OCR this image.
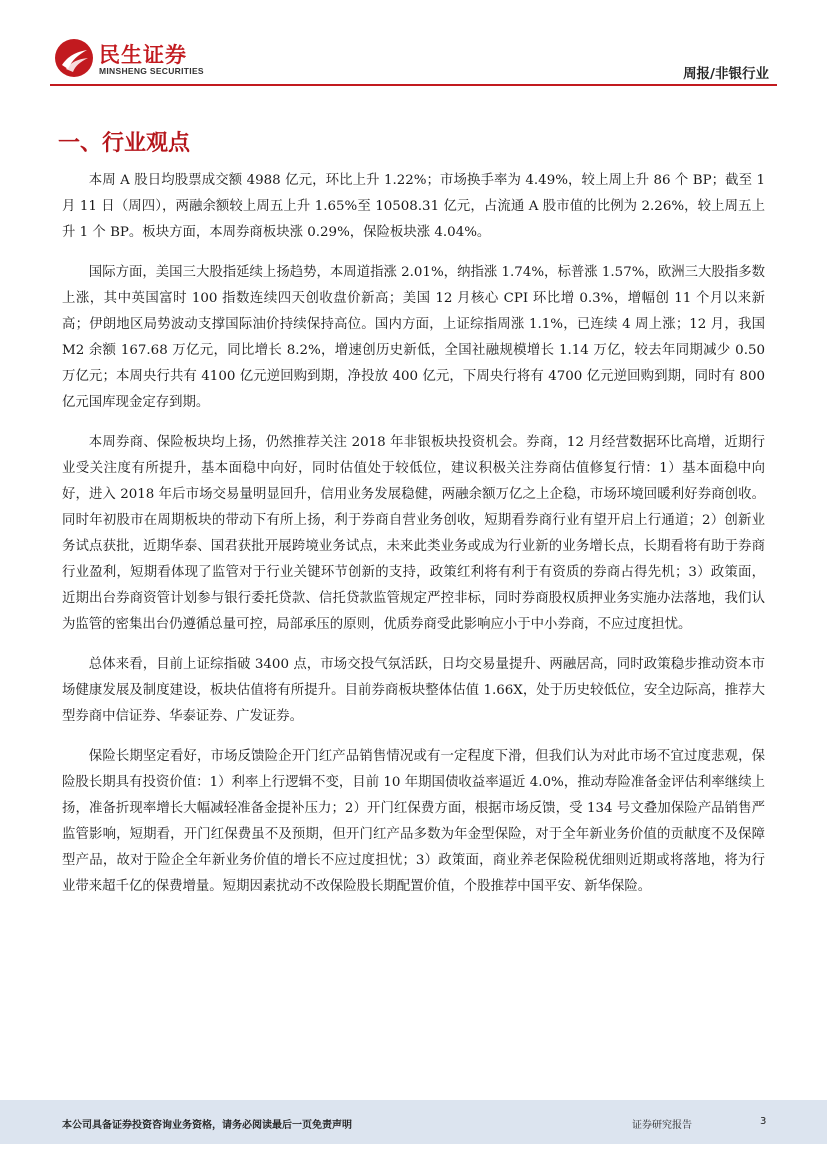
民生证券
MINSHENG SECURITIES	周报/非银行业
一、行业观点

本周 A 股日均股票成交额 4988 亿元，环比上升 1.22%；市场换手率为 4.49%，较上周上升 86 个 BP；截至 1 月 11 日（周四），两融余额较上周五上升 1.65%至 10508.31 亿元，占流通 A 股市值的比例为 2.26%，较上周五上升 1 个 BP。板块方面，本周券商板块涨 0.29%，保险板块涨 4.04%。

国际方面，美国三大股指延续上扬趋势，本周道指涨 2.01%，纳指涨 1.74%，标普涨 1.57%，欧洲三大股指多数上涨，其中英国富时 100 指数连续四天创收盘价新高；美国 12 月核心 CPI 环比增 0.3%，增幅创 11 个月以来新高；伊朗地区局势波动支撑国际油价持续保持高位。国内方面，上证综指周涨 1.1%，已连续 4 周上涨；12 月，我国 M2 余额 167.68 万亿元，同比增长 8.2%，增速创历史新低，全国社融规模增长 1.14 万亿，较去年同期减少 0.50 万亿元；本周央行共有 4100 亿元逆回购到期，净投放 400 亿元，下周央行将有 4700 亿元逆回购到期，同时有 800 亿元国库现金定存到期。

本周券商、保险板块均上扬，仍然推荐关注 2018 年非银板块投资机会。券商，12 月经营数据环比高增，近期行业受关注度有所提升，基本面稳中向好，同时估值处于较低位，建议积极关注券商估值修复行情：1）基本面稳中向好，进入 2018 年后市场交易量明显回升，信用业务发展稳健，两融余额万亿之上企稳，市场环境回暖利好券商创收。同时年初股市在周期板块的带动下有所上扬，利于券商自营业务创收，短期看券商行业有望开启上行通道；2）创新业务试点获批，近期华泰、国君获批开展跨境业务试点，未来此类业务或成为行业新的业务增长点，长期看将有助于券商行业盈利，短期看体现了监管对于行业关键环节创新的支持，政策红利将有利于有资质的券商占得先机；3）政策面，近期出台券商资管计划参与银行委托贷款、信托贷款监管规定严控非标，同时券商股权质押业务实施办法落地，我们认为监管的密集出台仍遵循总量可控，局部承压的原则，优质券商受此影响应小于中小券商，不应过度担忧。

总体来看，目前上证综指破 3400 点，市场交投气氛活跃，日均交易量提升、两融居高，同时政策稳步推动资本市场健康发展及制度建设，板块估值将有所提升。目前券商板块整体估值 1.66X，处于历史较低位，安全边际高，推荐大型券商中信证券、华泰证券、广发证券。

保险长期坚定看好，市场反馈险企开门红产品销售情况或有一定程度下滑，但我们认为对此市场不宜过度悲观，保险股长期具有投资价值：1）利率上行逻辑不变，目前 10 年期国债收益率逼近 4.0%，推动寿险准备金评估利率继续上扬，准备折现率增长大幅减轻准备金提补压力；2）开门红保费方面，根据市场反馈，受 134 号文叠加保险产品销售严监管影响，短期看，开门红保费虽不及预期，但开门红产品多数为年金型保险，对于全年新业务价值的贡献度不及保障型产品，故对于险企全年新业务价值的增长不应过度担忧；3）政策面，商业养老保险税优细则近期或将落地，将为行业带来超千亿的保费增量。短期因素扰动不改保险股长期配置价值，个股推荐中国平安、新华保险。

本公司具备证券投资咨询业务资格，请务必阅读最后一页免责声明	证券研究报告	3
